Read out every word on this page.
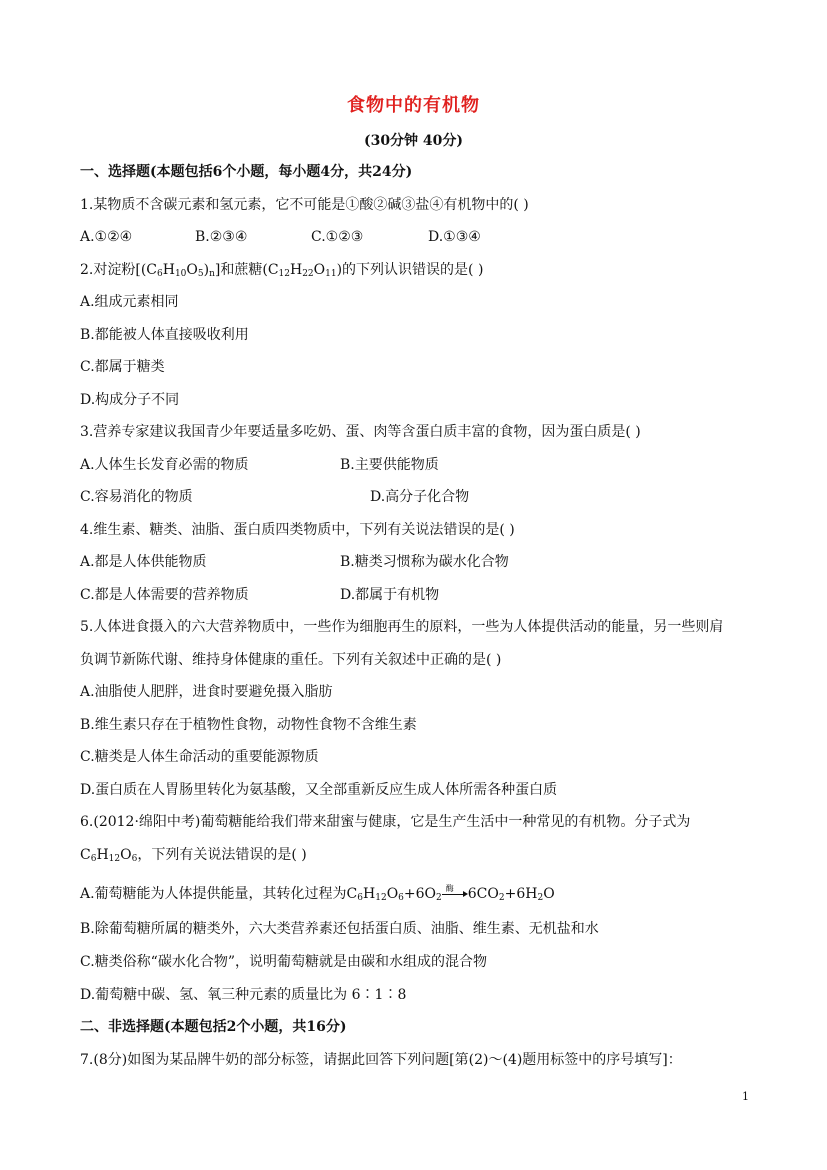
食物中的有机物
(30分钟 40分)
一、选择题(本题包括6个小题，每小题4分，共24分)
1.某物质不含碳元素和氢元素，它不可能是①酸②碱③盐④有机物中的( )
A.①②④	B.②③④	C.①②③	D.①③④
2.对淀粉$[(C_6H_{10}O_5)_n]$和蔗糖$(C_{12}H_{22}O_{11})$的下列认识错误的是( )
A.组成元素相同
B.都能被人体直接吸收利用
C.都属于糖类
D.构成分子不同
3.营养专家建议我国青少年要适量多吃奶、蛋、肉等含蛋白质丰富的食物，因为蛋白质是( )
A.人体生长发育必需的物质	B.主要供能物质
C.容易消化的物质	D.高分子化合物
4.维生素、糖类、油脂、蛋白质四类物质中，下列有关说法错误的是( )
A.都是人体供能物质	B.糖类习惯称为碳水化合物
C.都是人体需要的营养物质	D.都属于有机物
5.人体进食摄入的六大营养物质中，一些作为细胞再生的原料，一些为人体提供活动的能量，另一些则肩
负调节新陈代谢、维持身体健康的重任。下列有关叙述中正确的是( )
A.油脂使人肥胖，进食时要避免摄入脂肪
B.维生素只存在于植物性食物，动物性食物不含维生素
C.糖类是人体生命活动的重要能源物质
D.蛋白质在人胃肠里转化为氨基酸，又全部重新反应生成人体所需各种蛋白质
6.(2012·绵阳中考)葡萄糖能给我们带来甜蜜与健康，它是生产生活中一种常见的有机物。分子式为
$C_6H_{12}O_6$，下列有关说法错误的是( )
A.葡萄糖能为人体提供能量，其转化过程为$C_6H_{12}O_6+6O_2$
酶 $6CO_2+6H_2O$
B.除葡萄糖所属的糖类外，六大类营养素还包括蛋白质、油脂、维生素、无机盐和水
C.糖类俗称“碳水化合物”，说明葡萄糖就是由碳和水组成的混合物
D.葡萄糖中碳、氢、氧三种元素的质量比为 6∶1∶8
二、非选择题(本题包括2个小题，共16分)
7.(8分)如图为某品牌牛奶的部分标签，请据此回答下列问题[第(2)～(4)题用标签中的序号填写]：
1
